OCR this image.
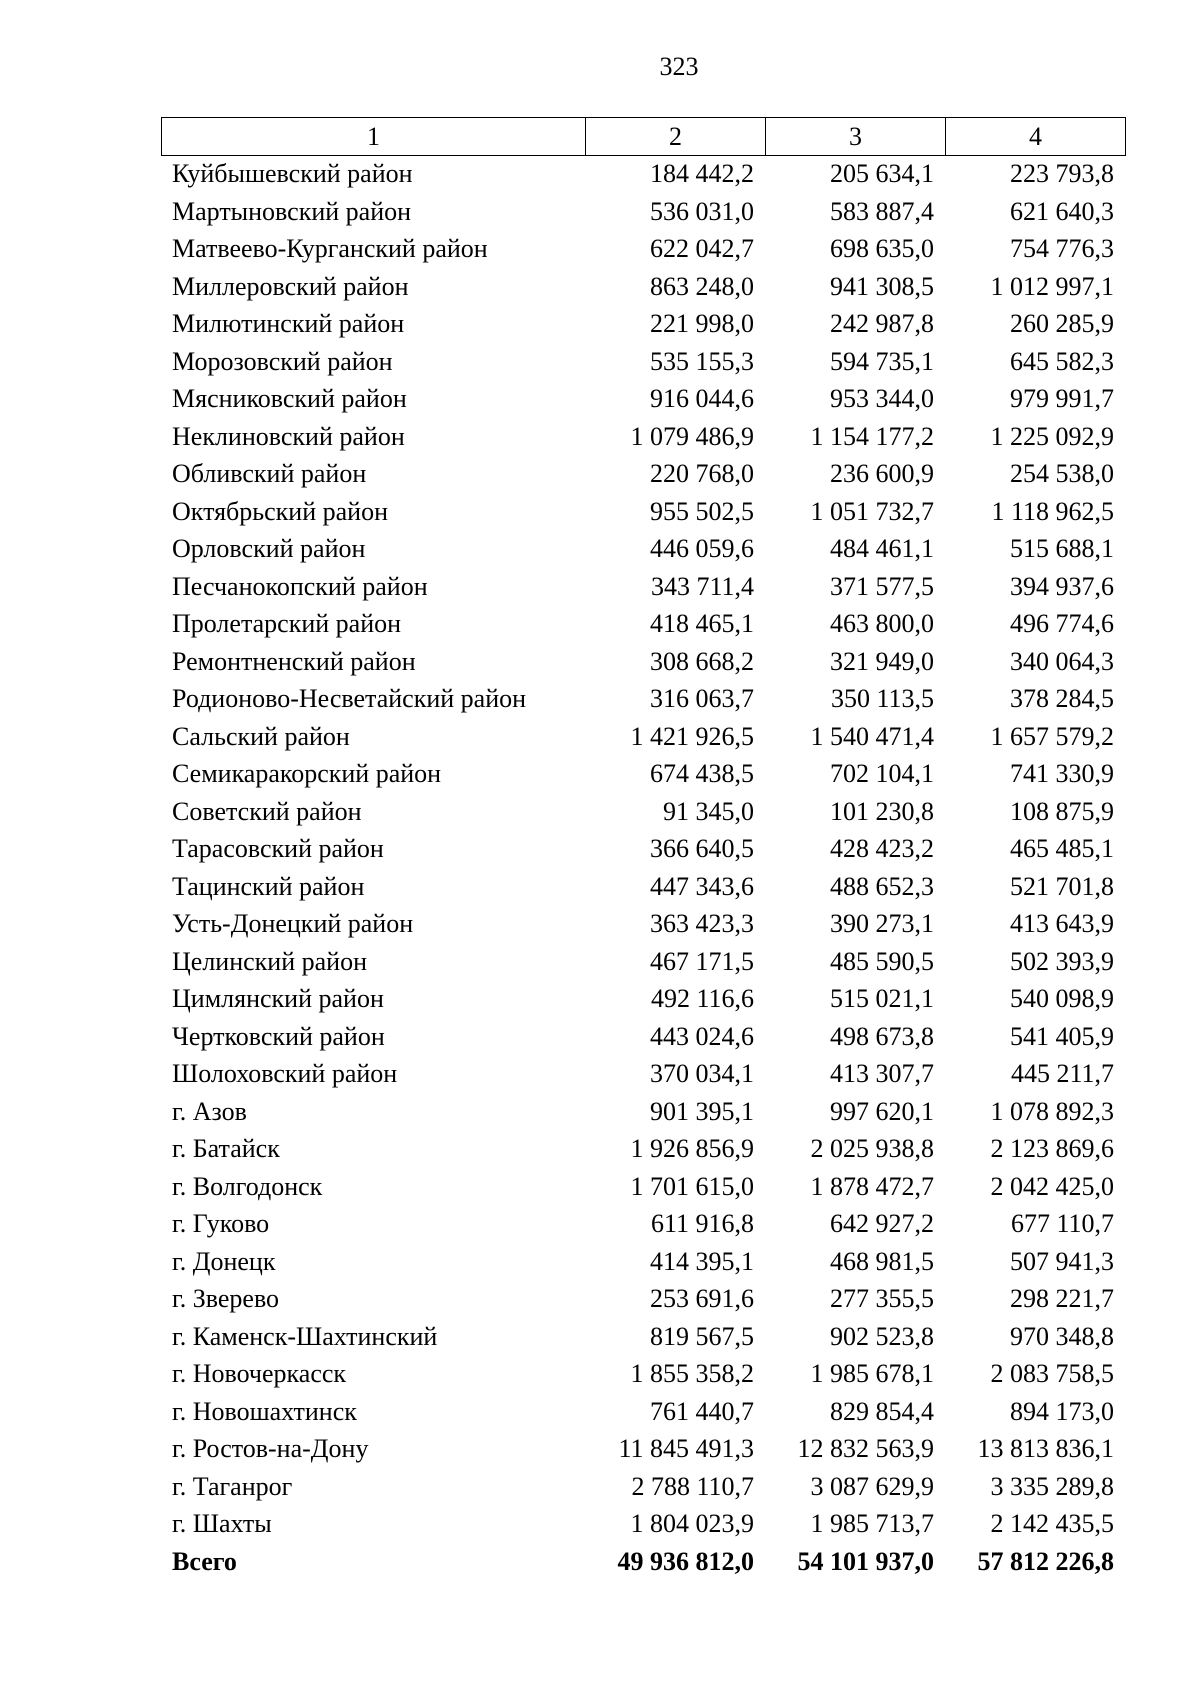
323
1	2	3	4
Куйбышевский район	184 442,2	205 634,1	223 793,8
Мартыновский район	536 031,0	583 887,4	621 640,3
Матвеево-Курганский район	622 042,7	698 635,0	754 776,3
Миллеровский район	863 248,0	941 308,5	1 012 997,1
Милютинский район	221 998,0	242 987,8	260 285,9
Морозовский район	535 155,3	594 735,1	645 582,3
Мясниковский район	916 044,6	953 344,0	979 991,7
Неклиновский район	1 079 486,9	1 154 177,2	1 225 092,9
Обливский район	220 768,0	236 600,9	254 538,0
Октябрьский район	955 502,5	1 051 732,7	1 118 962,5
Орловский район	446 059,6	484 461,1	515 688,1
Песчанокопский район	343 711,4	371 577,5	394 937,6
Пролетарский район	418 465,1	463 800,0	496 774,6
Ремонтненский район	308 668,2	321 949,0	340 064,3
Родионово-Несветайский район	316 063,7	350 113,5	378 284,5
Сальский район	1 421 926,5	1 540 471,4	1 657 579,2
Семикаракорский район	674 438,5	702 104,1	741 330,9
Советский район	91 345,0	101 230,8	108 875,9
Тарасовский район	366 640,5	428 423,2	465 485,1
Тацинский район	447 343,6	488 652,3	521 701,8
Усть-Донецкий район	363 423,3	390 273,1	413 643,9
Целинский район	467 171,5	485 590,5	502 393,9
Цимлянский район	492 116,6	515 021,1	540 098,9
Чертковский район	443 024,6	498 673,8	541 405,9
Шолоховский район	370 034,1	413 307,7	445 211,7
г. Азов	901 395,1	997 620,1	1 078 892,3
г. Батайск	1 926 856,9	2 025 938,8	2 123 869,6
г. Волгодонск	1 701 615,0	1 878 472,7	2 042 425,0
г. Гуково	611 916,8	642 927,2	677 110,7
г. Донецк	414 395,1	468 981,5	507 941,3
г. Зверево	253 691,6	277 355,5	298 221,7
г. Каменск-Шахтинский	819 567,5	902 523,8	970 348,8
г. Новочеркасск	1 855 358,2	1 985 678,1	2 083 758,5
г. Новошахтинск	761 440,7	829 854,4	894 173,0
г. Ростов-на-Дону	11 845 491,3	12 832 563,9	13 813 836,1
г. Таганрог	2 788 110,7	3 087 629,9	3 335 289,8
г. Шахты	1 804 023,9	1 985 713,7	2 142 435,5
Всего	49 936 812,0	54 101 937,0	57 812 226,8
